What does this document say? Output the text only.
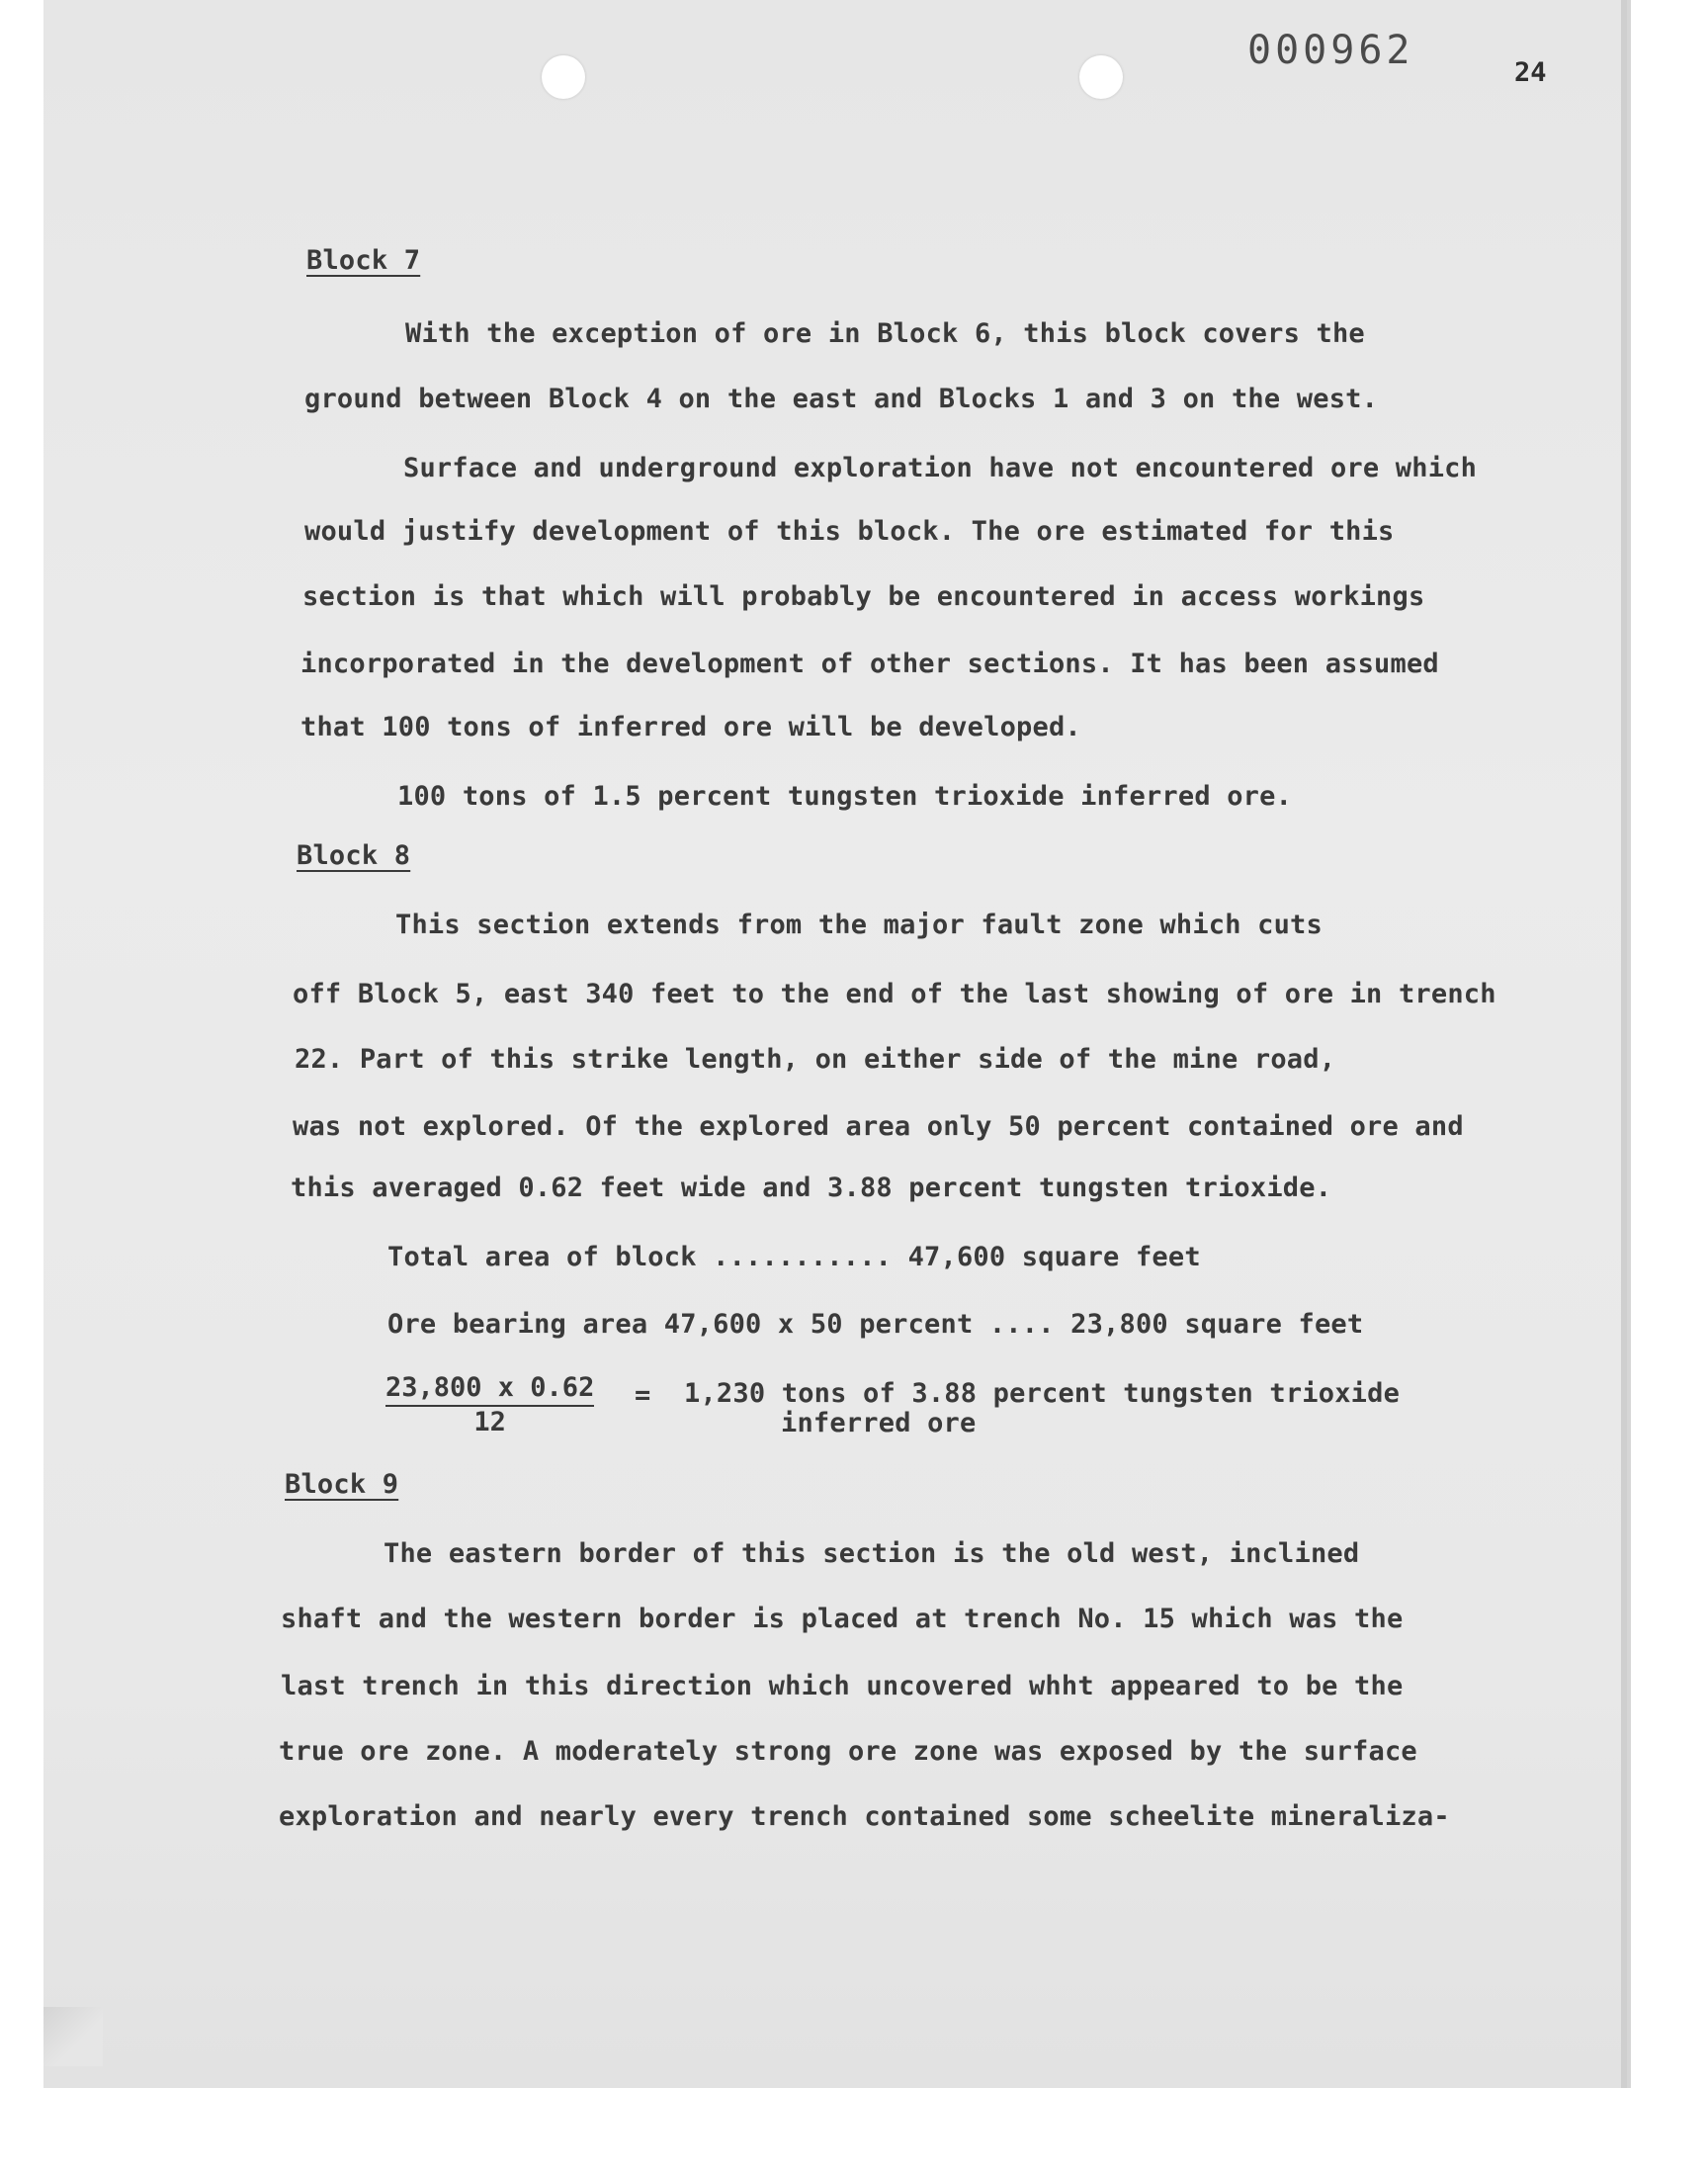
000962	24
Block 7
With the exception of ore in Block 6, this block covers the
ground between Block 4 on the east and Blocks 1 and 3 on the west.
Surface and underground exploration have not encountered ore which
would justify development of this block. The ore estimated for this
section is that which will probably be encountered in access workings
incorporated in the development of other sections. It has been assumed
that 100 tons of inferred ore will be developed.
100 tons of 1.5 percent tungsten trioxide inferred ore.
Block 8
This section extends from the major fault zone which cuts
off Block 5, east 340 feet to the end of the last showing of ore in trench
22. Part of this strike length, on either side of the mine road,
was not explored. Of the explored area only 50 percent contained ore and
this averaged 0.62 feet wide and 3.88 percent tungsten trioxide.
Total area of block ........... 47,600 square feet
Ore bearing area 47,600 x 50 percent .... 23,800 square feet
$\frac{23,800 x 0.62}{12} = 1,230$ tons of 3.88 percent tungsten trioxide
inferred ore
Block 9
The eastern border of this section is the old west, inclined
shaft and the western border is placed at trench No. 15 which was the
last trench in this direction which uncovered whht appeared to be the
true ore zone. A moderately strong ore zone was exposed by the surface
exploration and nearly every trench contained some scheelite mineraliza-
